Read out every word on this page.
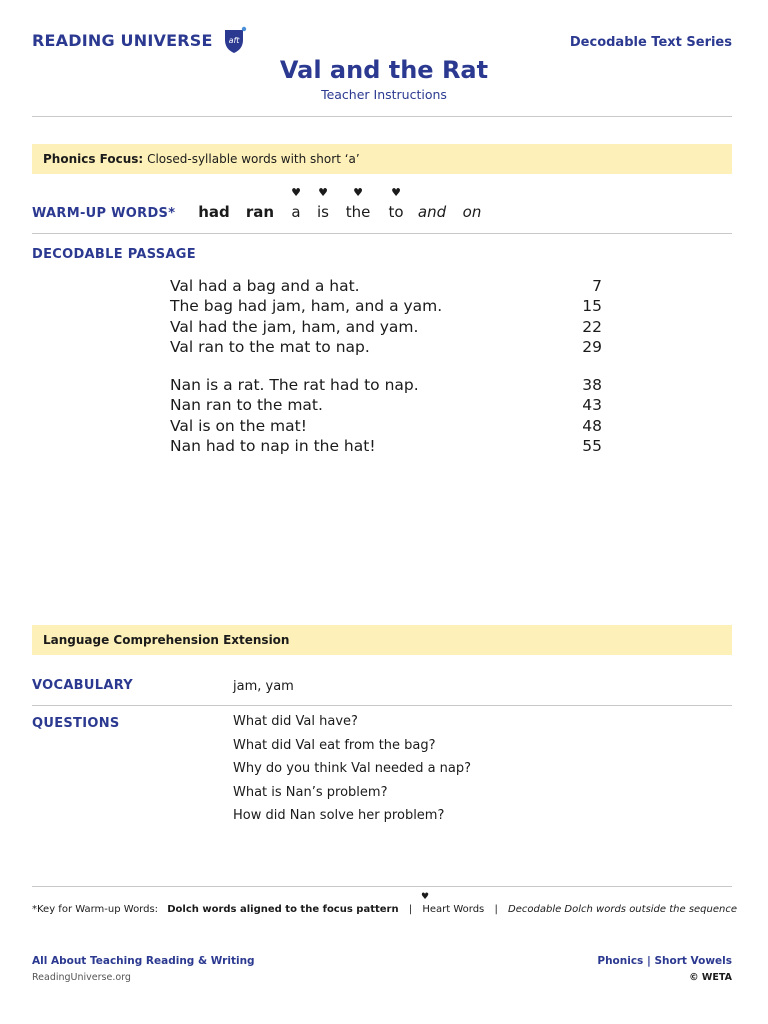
READING UNIVERSE aft	Decodable Text Series
Val and the Rat
Teacher Instructions
Phonics Focus:
Closed-syllable words with short ‘a’
WARM-UP WORDS*	had	ran	a
♥
is
♥
the
♥
to
♥
and	on
DECODABLE PASSAGE
Val had a bag and a hat.	7
The bag had jam, ham, and a yam.	15
Val had the jam, ham, and yam.	22
Val ran to the mat to nap.	29
Nan is a rat. The rat had to nap.	38
Nan ran to the mat.	43
Val is on the mat!	48
Nan had to nap in the hat!	55
Language Comprehension Extension
VOCABULARY	jam, yam
QUESTIONS	What did Val have?
What did Val eat from the bag?
Why do you think Val needed a nap?
What is Nan’s problem?
How did Nan solve her problem?
♥
*Key for Warm-up Words: Dolch words aligned to the focus pattern | Heart Words | Decodable Dolch words outside the sequence
All About Teaching Reading & Writing
ReadingUniverse.org
Phonics | Short Vowels
© WETA
